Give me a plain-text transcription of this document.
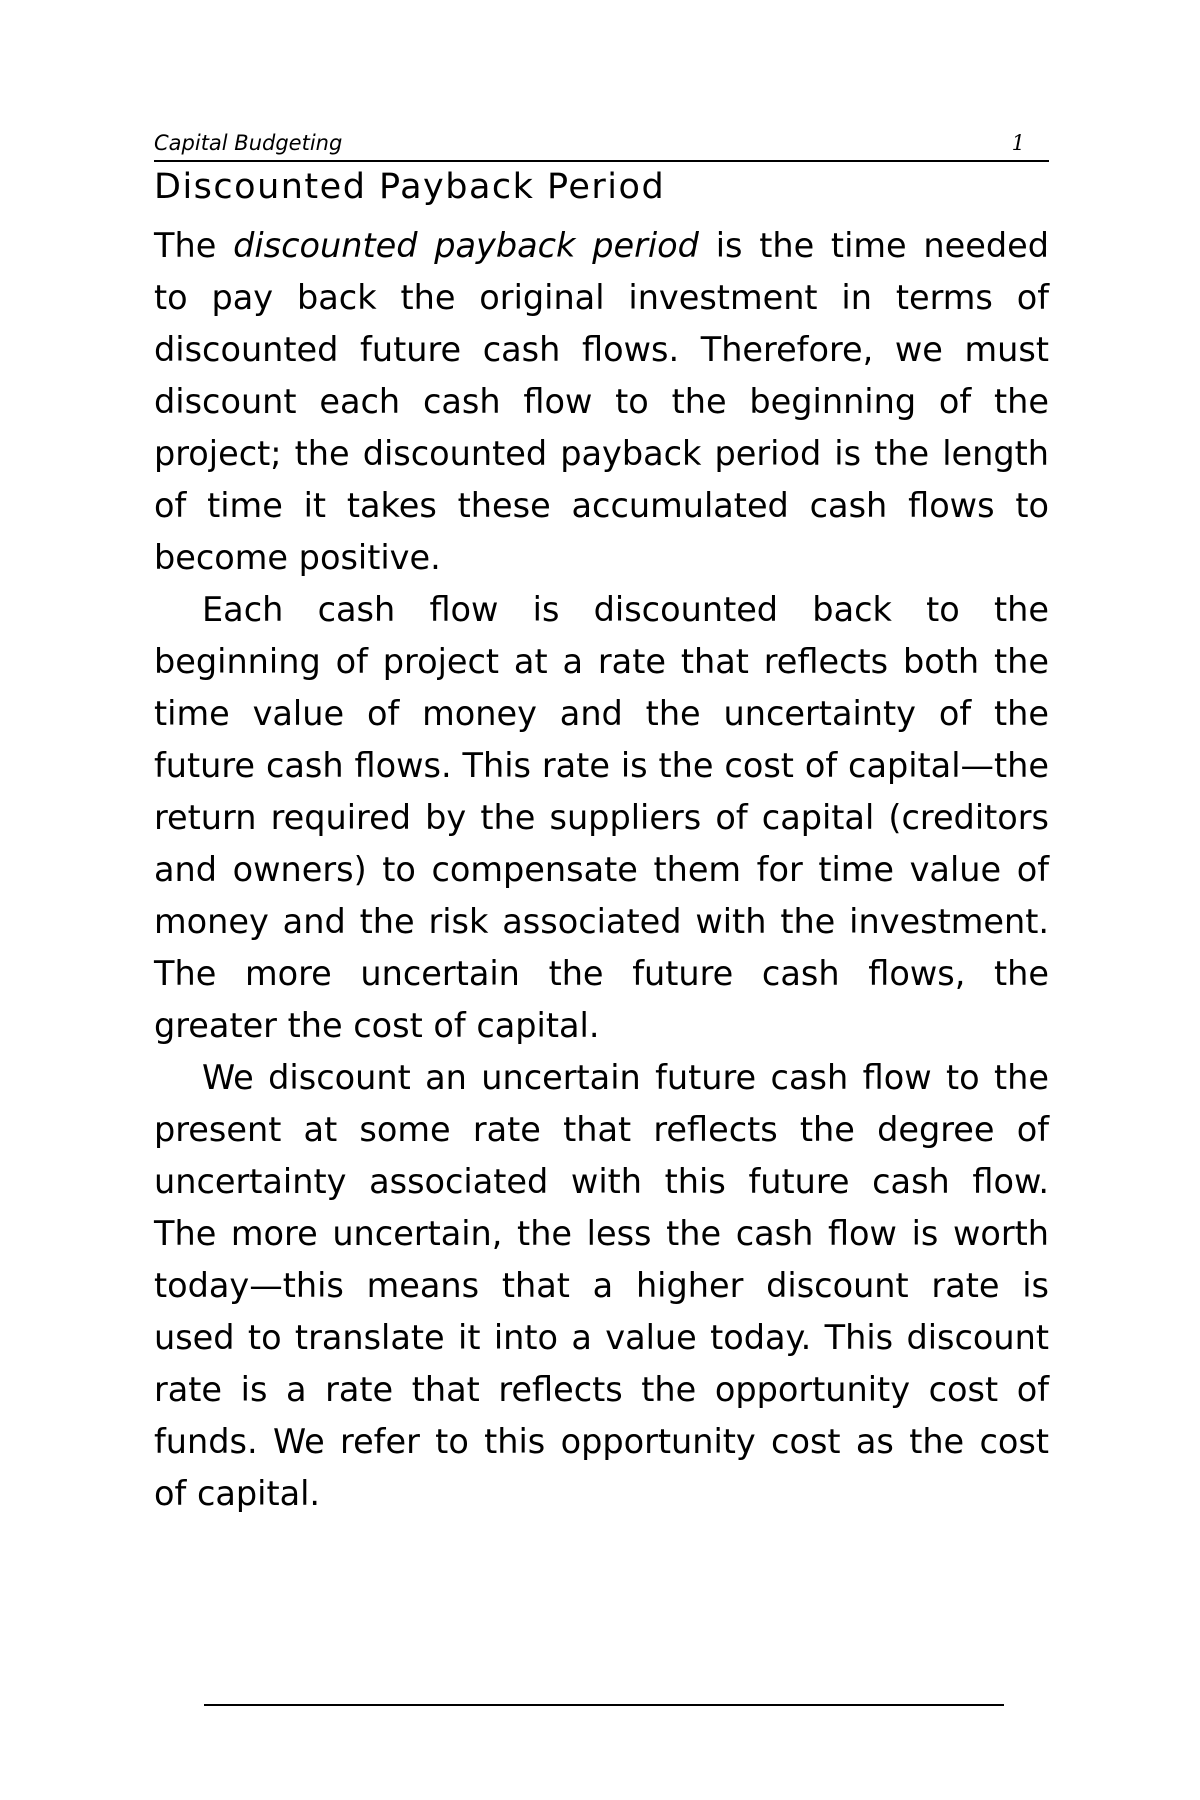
Capital Budgeting	1
Discounted Payback Period

The discounted payback period is the time needed to pay back the original investment in terms of discounted future cash flows. Therefore, we must discount each cash flow to the beginning of the project; the discounted payback period is the length of time it takes these accumulated cash flows to become positive.

Each cash flow is discounted back to the beginning of project at a rate that reflects both the time value of money and the uncertainty of the future cash flows. This rate is the cost of capital—the return required by the suppliers of capital (creditors and owners) to compensate them for time value of money and the risk associated with the investment. The more uncertain the future cash flows, the greater the cost of capital.

We discount an uncertain future cash flow to the present at some rate that reflects the degree of uncertainty associated with this future cash flow. The more uncertain, the less the cash flow is worth today—this means that a higher discount rate is used to translate it into a value today. This discount rate is a rate that reflects the opportunity cost of funds. We refer to this opportunity cost as the cost of capital.
